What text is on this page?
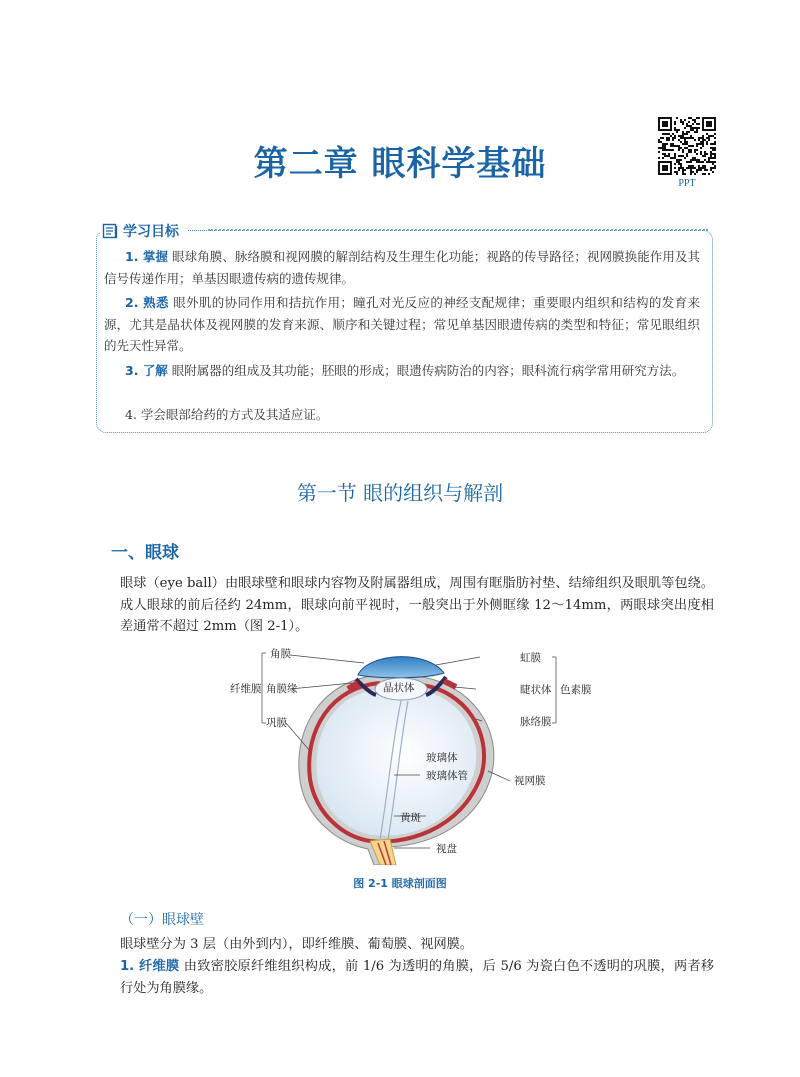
第二章 眼科学基础	PPT
学习目标
1. 掌握 眼球角膜、脉络膜和视网膜的解剖结构及生理生化功能；视路的传导路径；视网膜换能作用及其信号传递作用；单基因眼遗传病的遗传规律。
2. 熟悉 眼外肌的协同作用和拮抗作用；瞳孔对光反应的神经支配规律；重要眼内组织和结构的发育来源，尤其是晶状体及视网膜的发育来源、顺序和关键过程；常见单基因眼遗传病的类型和特征；常见眼组织的先天性异常。
3. 了解 眼附属器的组成及其功能；胚眼的形成；眼遗传病防治的内容；眼科流行病学常用研究方法。
4. 学会眼部给药的方式及其适应证。
第一节 眼的组织与解剖
一、眼球
眼球（eye ball）由眼球壁和眼球内容物及附属器组成，周围有眶脂肪衬垫、结缔组织及眼肌等包绕。成人眼球的前后径约 24mm，眼球向前平视时，一般突出于外侧眶缘 12～14mm，两眼球突出度相差通常不超过 2mm（图 2-1）。
角膜
纤维膜 角膜缘
巩膜
晶状体
虹膜
睫状体 色素膜
脉络膜
玻璃体
玻璃体管	视网膜
黄斑
视盘
图 2-1 眼球剖面图
（一）眼球壁
眼球壁分为 3 层（由外到内），即纤维膜、葡萄膜、视网膜。
1. 纤维膜 由致密胶原纤维组织构成，前 1/6 为透明的角膜，后 5/6 为瓷白色不透明的巩膜，两者移行处为角膜缘。
